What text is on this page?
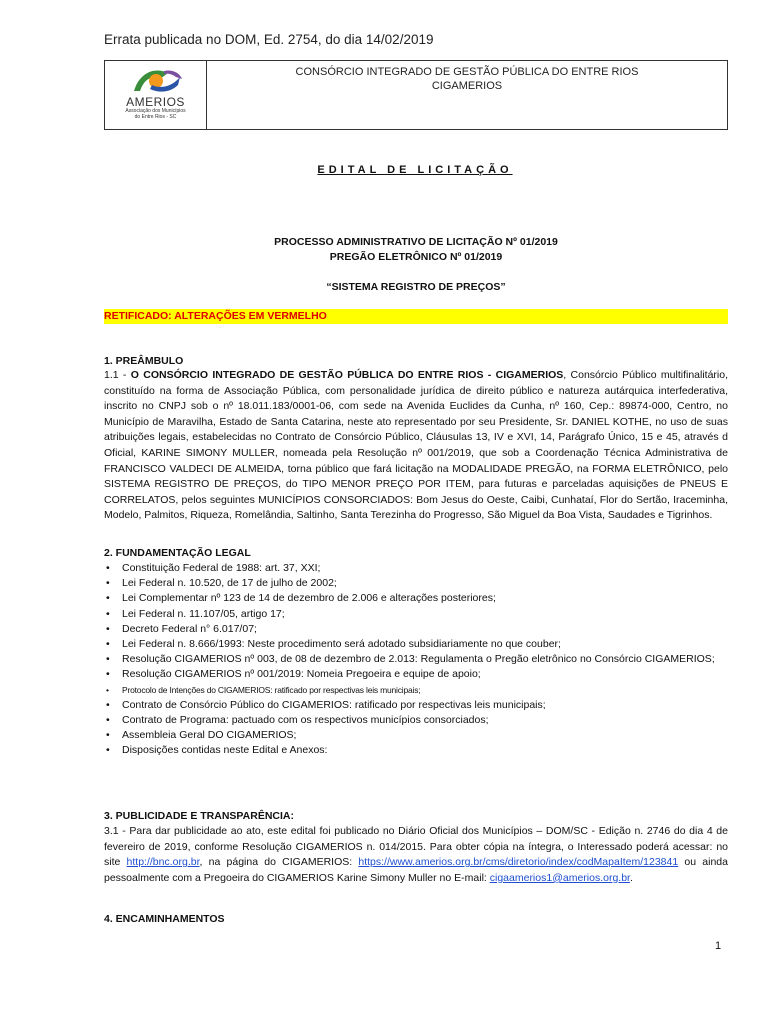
Errata publicada no DOM, Ed. 2754, do dia 14/02/2019
AMERIOS
Associação dos Municípios
do Entre Rios - SC
CONSÓRCIO INTEGRADO DE GESTÃO PÚBLICA DO ENTRE RIOS
CIGAMERIOS
EDITAL DE LICITAÇÃO
PROCESSO ADMINISTRATIVO DE LICITAÇÃO Nº 01/2019
PREGÃO ELETRÔNICO Nº 01/2019
“SISTEMA REGISTRO DE PREÇOS”
RETIFICADO: ALTERAÇÕES EM VERMELHO
1. PREÂMBULO
1.1 - O CONSÓRCIO INTEGRADO DE GESTÃO PÚBLICA DO ENTRE RIOS - CIGAMERIOS, Consórcio Público multifinalitário, constituído na forma de Associação Pública, com personalidade jurídica de direito público e natureza autárquica interfederativa, inscrito no CNPJ sob o nº 18.011.183/0001-06, com sede na Avenida Euclides da Cunha, nº 160, Cep.: 89874-000, Centro, no Município de Maravilha, Estado de Santa Catarina, neste ato representado por seu Presidente, Sr. DANIEL KOTHE, no uso de suas atribuições legais, estabelecidas no Contrato de Consórcio Público, Cláusulas 13, IV e XVI, 14, Parágrafo Único, 15 e 45, através d Oficial, KARINE SIMONY MULLER, nomeada pela Resolução nº 001/2019, que sob a Coordenação Técnica Administrativa de FRANCISCO VALDECI DE ALMEIDA, torna público que fará licitação na MODALIDADE PREGÃO, na FORMA ELETRÔNICO, pelo SISTEMA REGISTRO DE PREÇOS, do TIPO MENOR PREÇO POR ITEM, para futuras e parceladas aquisições de PNEUS E CORRELATOS, pelos seguintes MUNICÍPIOS CONSORCIADOS: Bom Jesus do Oeste, Caibi, Cunhataí, Flor do Sertão, Iraceminha, Modelo, Palmitos, Riqueza, Romelândia, Saltinho, Santa Terezinha do Progresso, São Miguel da Boa Vista, Saudades e Tigrinhos.
2. FUNDAMENTAÇÃO LEGAL
• Constituição Federal de 1988: art. 37, XXI;
• Lei Federal n. 10.520, de 17 de julho de 2002;
• Lei Complementar nº 123 de 14 de dezembro de 2.006 e alterações posteriores;
• Lei Federal n. 11.107/05, artigo 17;
• Decreto Federal n° 6.017/07;
• Lei Federal n. 8.666/1993: Neste procedimento será adotado subsidiariamente no que couber;
• Resolução CIGAMERIOS nº 003, de 08 de dezembro de 2.013: Regulamenta o Pregão eletrônico no Consórcio CIGAMERIOS;
• Resolução CIGAMERIOS nº 001/2019: Nomeia Pregoeira e equipe de apoio;
• Protocolo de Intenções do CIGAMERIOS: ratificado por respectivas leis municipais;
• Contrato de Consórcio Público do CIGAMERIOS: ratificado por respectivas leis municipais;
• Contrato de Programa: pactuado com os respectivos municípios consorciados;
• Assembleia Geral DO CIGAMERIOS;
• Disposições contidas neste Edital e Anexos:
3. PUBLICIDADE E TRANSPARÊNCIA:
3.1 - Para dar publicidade ao ato, este edital foi publicado no Diário Oficial dos Municípios – DOM/SC - Edição n. 2746 do dia 4 de fevereiro de 2019, conforme Resolução CIGAMERIOS n. 014/2015. Para obter cópia na íntegra, o Interessado poderá acessar: no site http://bnc.org.br, na página do CIGAMERIOS: https://www.amerios.org.br/cms/diretorio/index/codMapaItem/123841 ou ainda pessoalmente com a Pregoeira do CIGAMERIOS Karine Simony Muller no E-mail: cigaamerios1@amerios.org.br.
4. ENCAMINHAMENTOS
1
